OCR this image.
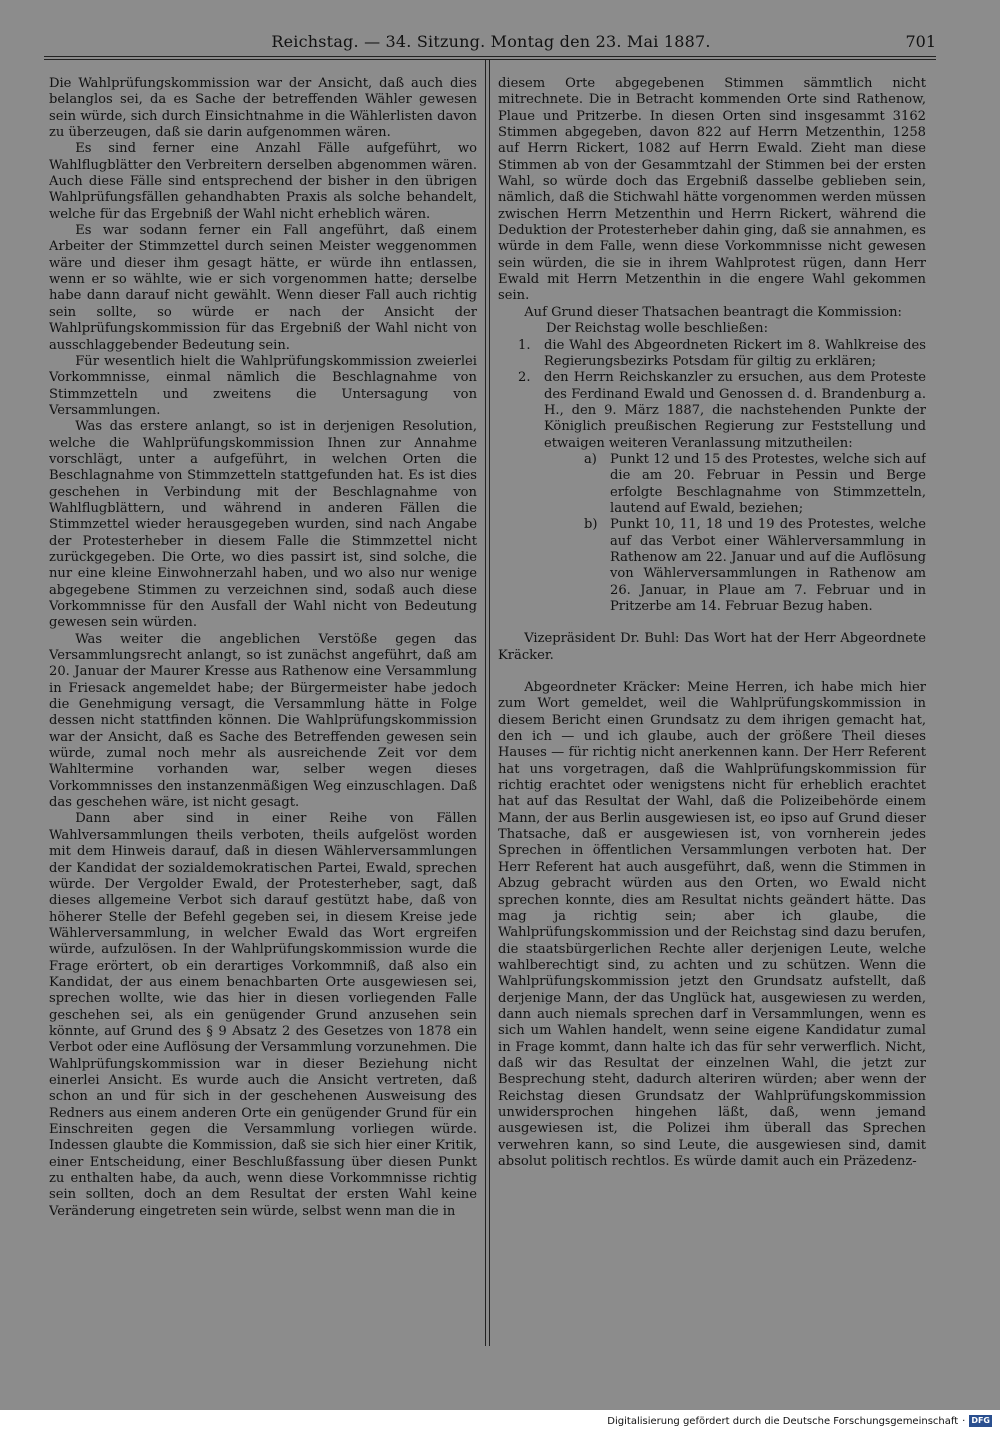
Reichstag. — 34. Sitzung. Montag den 23. Mai 1887.	701

Die Wahlprüfungskommission war der Ansicht, daß auch dies belanglos sei, da es Sache der betreffenden Wähler gewesen sein würde, sich durch Einsichtnahme in die Wählerlisten davon zu überzeugen, daß sie darin aufgenommen wären.

Es sind ferner eine Anzahl Fälle aufgeführt, wo Wahlflugblätter den Verbreitern derselben abgenommen wären. Auch diese Fälle sind entsprechend der bisher in den übrigen Wahlprüfungsfällen gehandhabten Praxis als solche behandelt, welche für das Ergebniß der Wahl nicht erheblich wären.

Es war sodann ferner ein Fall angeführt, daß einem Arbeiter der Stimmzettel durch seinen Meister weggenommen wäre und dieser ihm gesagt hätte, er würde ihn entlassen, wenn er so wählte, wie er sich vorgenommen hatte; derselbe habe dann darauf nicht gewählt. Wenn dieser Fall auch richtig sein sollte, so würde er nach der Ansicht der Wahlprüfungskommission für das Ergebniß der Wahl nicht von ausschlaggebender Bedeutung sein.

Für wesentlich hielt die Wahlprüfungskommission zweierlei Vorkommnisse, einmal nämlich die Beschlagnahme von Stimmzetteln und zweitens die Untersagung von Versammlungen.

Was das erstere anlangt, so ist in derjenigen Resolution, welche die Wahlprüfungskommission Ihnen zur Annahme vorschlägt, unter a aufgeführt, in welchen Orten die Beschlagnahme von Stimmzetteln stattgefunden hat. Es ist dies geschehen in Verbindung mit der Beschlagnahme von Wahlflugblättern, und während in anderen Fällen die Stimmzettel wieder herausgegeben wurden, sind nach Angabe der Protesterheber in diesem Falle die Stimmzettel nicht zurückgegeben. Die Orte, wo dies passirt ist, sind solche, die nur eine kleine Einwohnerzahl haben, und wo also nur wenige abgegebene Stimmen zu verzeichnen sind, sodaß auch diese Vorkommnisse für den Ausfall der Wahl nicht von Bedeutung gewesen sein würden.

Was weiter die angeblichen Verstöße gegen das Versammlungsrecht anlangt, so ist zunächst angeführt, daß am 20. Januar der Maurer Kresse aus Rathenow eine Versammlung in Friesack angemeldet habe; der Bürgermeister habe jedoch die Genehmigung versagt, die Versammlung hätte in Folge dessen nicht stattfinden können. Die Wahlprüfungskommission war der Ansicht, daß es Sache des Betreffenden gewesen sein würde, zumal noch mehr als ausreichende Zeit vor dem Wahltermine vorhanden war, selber wegen dieses Vorkommnisses den instanzenmäßigen Weg einzuschlagen. Daß das geschehen wäre, ist nicht gesagt.

Dann aber sind in einer Reihe von Fällen Wahlversammlungen theils verboten, theils aufgelöst worden mit dem Hinweis darauf, daß in diesen Wählerversammlungen der Kandidat der sozialdemokratischen Partei, Ewald, sprechen würde. Der Vergolder Ewald, der Protesterheber, sagt, daß dieses allgemeine Verbot sich darauf gestützt habe, daß von höherer Stelle der Befehl gegeben sei, in diesem Kreise jede Wählerversammlung, in welcher Ewald das Wort ergreifen würde, aufzulösen. In der Wahlprüfungskommission wurde die Frage erörtert, ob ein derartiges Vorkommniß, daß also ein Kandidat, der aus einem benachbarten Orte ausgewiesen sei, sprechen wollte, wie das hier in diesen vorliegenden Falle geschehen sei, als ein genügender Grund anzusehen sein könnte, auf Grund des § 9 Absatz 2 des Gesetzes von 1878 ein Verbot oder eine Auflösung der Versammlung vorzunehmen. Die Wahlprüfungskommission war in dieser Beziehung nicht einerlei Ansicht. Es wurde auch die Ansicht vertreten, daß schon an und für sich in der geschehenen Ausweisung des Redners aus einem anderen Orte ein genügender Grund für ein Einschreiten gegen die Versammlung vorliegen würde. Indessen glaubte die Kommission, daß sie sich hier einer Kritik, einer Entscheidung, einer Beschlußfassung über diesen Punkt zu enthalten habe, da auch, wenn diese Vorkommnisse richtig sein sollten, doch an dem Resultat der ersten Wahl keine Veränderung eingetreten sein würde, selbst wenn man die in

diesem Orte abgegebenen Stimmen sämmtlich nicht mitrechnete. Die in Betracht kommenden Orte sind Rathenow, Plaue und Pritzerbe. In diesen Orten sind insgesammt 3162 Stimmen abgegeben, davon 822 auf Herrn Metzenthin, 1258 auf Herrn Rickert, 1082 auf Herrn Ewald. Zieht man diese Stimmen ab von der Gesammtzahl der Stimmen bei der ersten Wahl, so würde doch das Ergebniß dasselbe geblieben sein, nämlich, daß die Stichwahl hätte vorgenommen werden müssen zwischen Herrn Metzenthin und Herrn Rickert, während die Deduktion der Protesterheber dahin ging, daß sie annahmen, es würde in dem Falle, wenn diese Vorkommnisse nicht gewesen sein würden, die sie in ihrem Wahlprotest rügen, dann Herr Ewald mit Herrn Metzenthin in die engere Wahl gekommen sein.

Auf Grund dieser Thatsachen beantragt die Kommission:

Der Reichstag wolle beschließen:

1. die Wahl des Abgeordneten Rickert im 8. Wahlkreise des Regierungsbezirks Potsdam für giltig zu erklären;
2. den Herrn Reichskanzler zu ersuchen, aus dem Proteste des Ferdinand Ewald und Genossen d. d. Brandenburg a. H., den 9. März 1887, die nachstehenden Punkte der Königlich preußischen Regierung zur Feststellung und etwaigen weiteren Veranlassung mitzutheilen:
a) Punkt 12 und 15 des Protestes, welche sich auf die am 20. Februar in Pessin und Berge erfolgte Beschlagnahme von Stimmzetteln, lautend auf Ewald, beziehen;
b) Punkt 10, 11, 18 und 19 des Protestes, welche auf das Verbot einer Wählerversammlung in Rathenow am 22. Januar und auf die Auflösung von Wählerversammlungen in Rathenow am 26. Januar, in Plaue am 7. Februar und in Pritzerbe am 14. Februar Bezug haben.

Vizepräsident Dr. Buhl: Das Wort hat der Herr Abgeordnete Kräcker.

Abgeordneter Kräcker: Meine Herren, ich habe mich hier zum Wort gemeldet, weil die Wahlprüfungskommission in diesem Bericht einen Grundsatz zu dem ihrigen gemacht hat, den ich — und ich glaube, auch der größere Theil dieses Hauses — für richtig nicht anerkennen kann. Der Herr Referent hat uns vorgetragen, daß die Wahlprüfungskommission für richtig erachtet oder wenigstens nicht für erheblich erachtet hat auf das Resultat der Wahl, daß die Polizeibehörde einem Mann, der aus Berlin ausgewiesen ist, eo ipso auf Grund dieser Thatsache, daß er ausgewiesen ist, von vornherein jedes Sprechen in öffentlichen Versammlungen verboten hat. Der Herr Referent hat auch ausgeführt, daß, wenn die Stimmen in Abzug gebracht würden aus den Orten, wo Ewald nicht sprechen konnte, dies am Resultat nichts geändert hätte. Das mag ja richtig sein; aber ich glaube, die Wahlprüfungskommission und der Reichstag sind dazu berufen, die staatsbürgerlichen Rechte aller derjenigen Leute, welche wahlberechtigt sind, zu achten und zu schützen. Wenn die Wahlprüfungskommission jetzt den Grundsatz aufstellt, daß derjenige Mann, der das Unglück hat, ausgewiesen zu werden, dann auch niemals sprechen darf in Versammlungen, wenn es sich um Wahlen handelt, wenn seine eigene Kandidatur zumal in Frage kommt, dann halte ich das für sehr verwerflich. Nicht, daß wir das Resultat der einzelnen Wahl, die jetzt zur Besprechung steht, dadurch alteriren würden; aber wenn der Reichstag diesen Grundsatz der Wahlprüfungskommission unwidersprochen hingehen läßt, daß, wenn jemand ausgewiesen ist, die Polizei ihm überall das Sprechen verwehren kann, so sind Leute, die ausgewiesen sind, damit absolut politisch rechtlos. Es würde damit auch ein Präzedenz-

Digitalisierung gefördert durch die Deutsche Forschungsgemeinschaft · DFG
